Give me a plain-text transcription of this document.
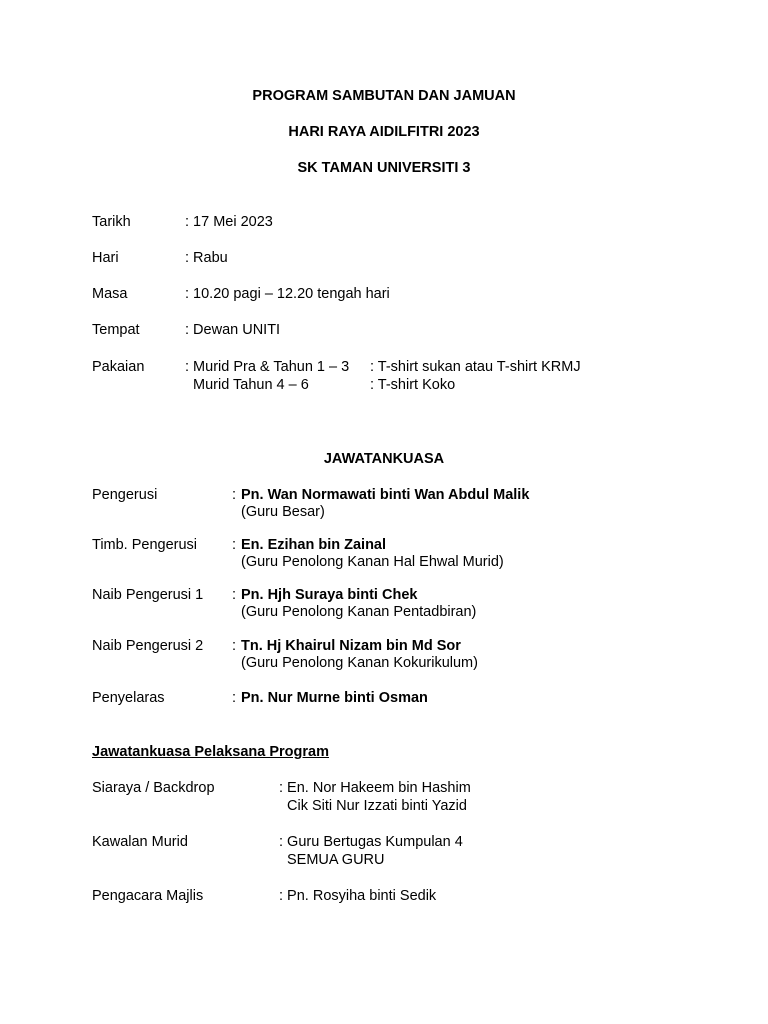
PROGRAM SAMBUTAN DAN JAMUAN
HARI RAYA AIDILFITRI 2023
SK TAMAN UNIVERSITI 3
Tarikh	: 17 Mei 2023
Hari	: Rabu
Masa	: 10.20 pagi – 12.20 tengah hari
Tempat	: Dewan UNITI
Pakaian	: Murid Pra & Tahun 1 – 3 : T-shirt sukan atau T-shirt KRMJ
Murid Tahun 4 – 6	: T-shirt Koko
JAWATANKUASA
Pengerusi	: Pn. Wan Normawati binti Wan Abdul Malik
(Guru Besar)
Timb. Pengerusi : En. Ezihan bin Zainal
(Guru Penolong Kanan Hal Ehwal Murid)
Naib Pengerusi 1 : Pn. Hjh Suraya binti Chek
(Guru Penolong Kanan Pentadbiran)
Naib Pengerusi 2 : Tn. Hj Khairul Nizam bin Md Sor
(Guru Penolong Kanan Kokurikulum)
Penyelaras	: Pn. Nur Murne binti Osman
Jawatankuasa Pelaksana Program
Siaraya / Backdrop	: En. Nor Hakeem bin Hashim
Cik Siti Nur Izzati binti Yazid
Kawalan Murid	: Guru Bertugas Kumpulan 4
SEMUA GURU
Pengacara Majlis	: Pn. Rosyiha binti Sedik
